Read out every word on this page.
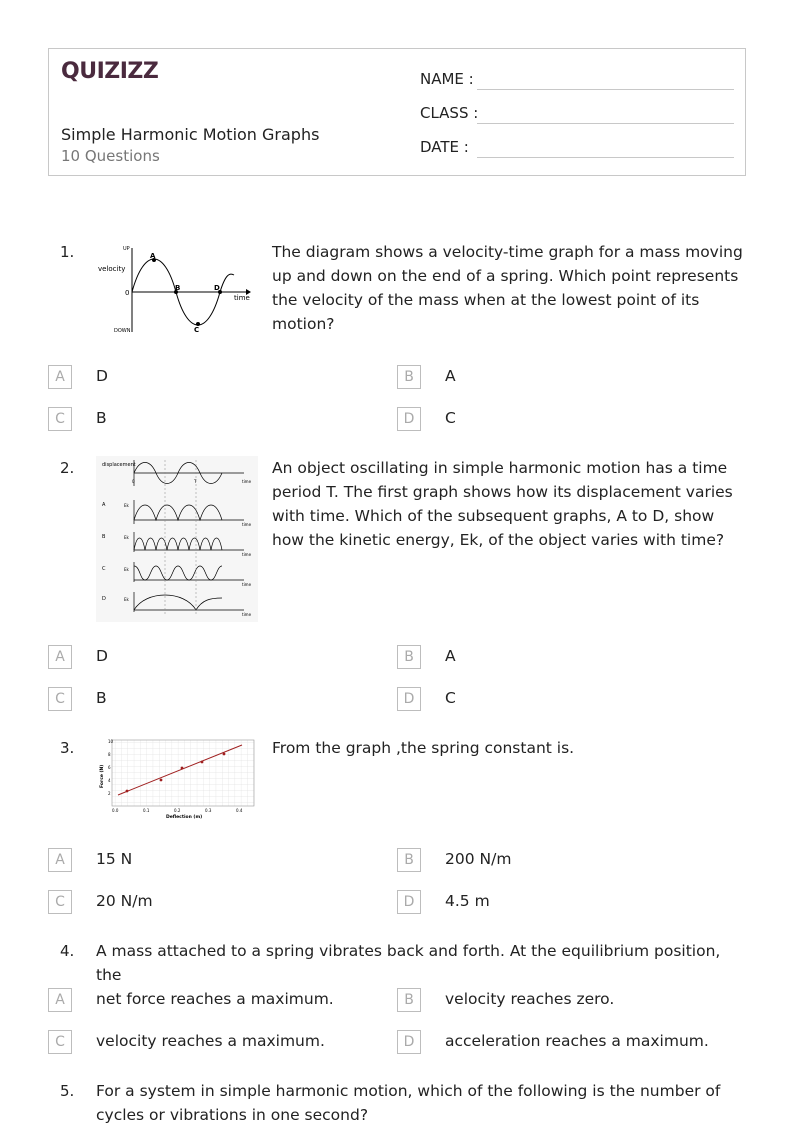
QUIZIZZ
Simple Harmonic Motion Graphs
10 Questions
NAME :
CLASS :
DATE :
1.	UP
DOWN
velocity
time
0
A
B
C
D
The diagram shows a velocity-time graph for a mass moving up and down on the end of a spring. Which point represents the velocity of the mass when at the lowest point of its motion?
A	D	B	A
C	B	D	C
2.	displacement
time
A	Ek
time
B	Ek
time
C	Ek
time
D	Ek
time
T
0
An object oscillating in simple harmonic motion has a time period T. The first graph shows how its displacement varies with time. Which of the subsequent graphs, A to D, show how the kinetic energy, Ek, of the object varies with time?
A	D	B	A
C	B	D	C
3.	10
8
6
4
2
0.0	0.1	0.2	0.3	0.4
Deflection (m)
Force (N)
From the graph ,the spring constant is.
A	15 N	B	200 N/m
C	20 N/m	D	4.5 m
4. A mass attached to a spring vibrates back and forth. At the equilibrium position, the
A	net force reaches a maximum.	B	velocity reaches zero.
C	velocity reaches a maximum.	D	acceleration reaches a maximum.
5. For a system in simple harmonic motion, which of the following is the number of cycles or vibrations in one second?
